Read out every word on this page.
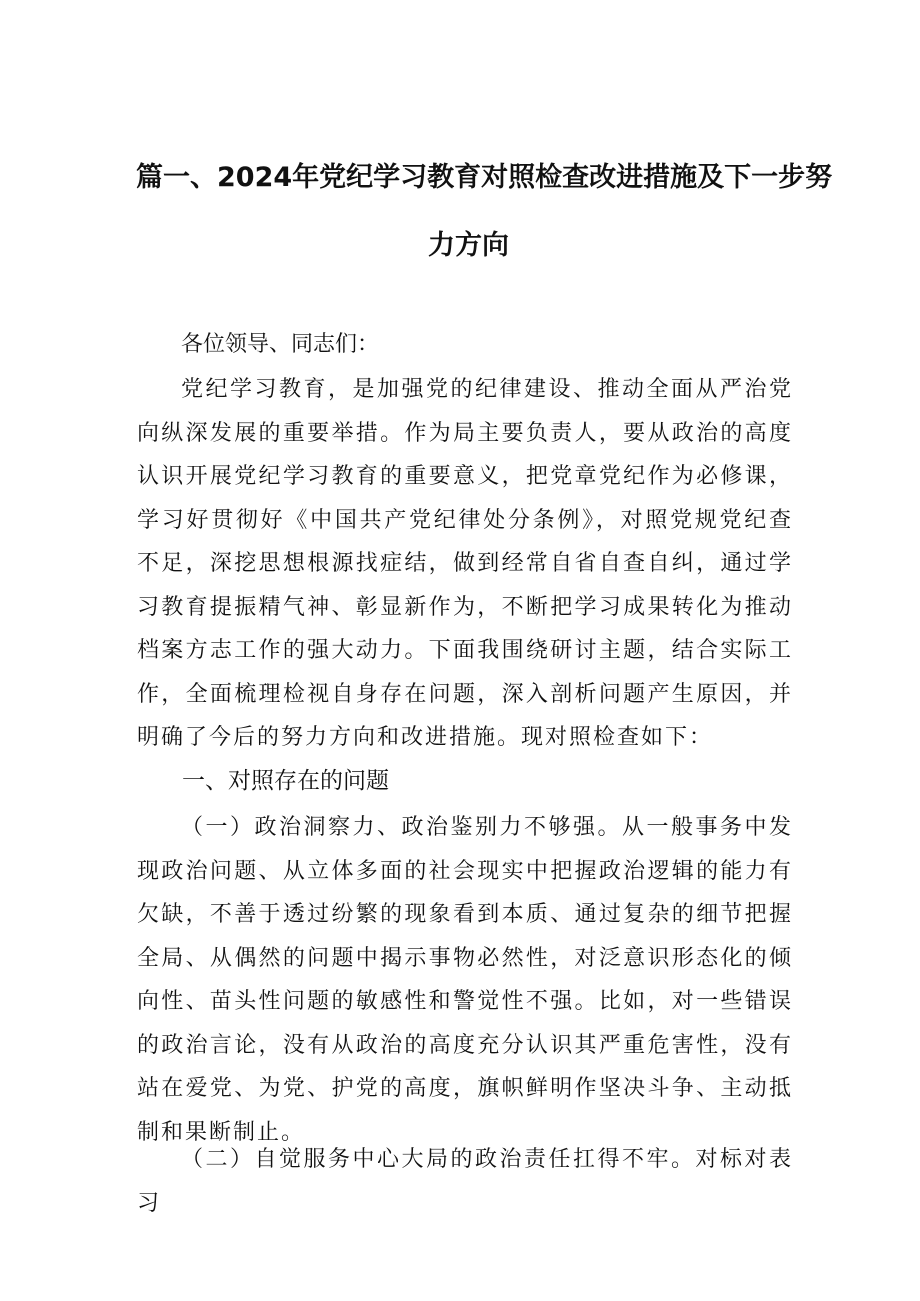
篇一、2024年党纪学习教育对照检查改进措施及下一步努
力方向
各位领导、同志们：

党纪学习教育，是加强党的纪律建设、推动全面从严治党向纵深发展的重要举措。作为局主要负责人，要从政治的高度认识开展党纪学习教育的重要意义，把党章党纪作为必修课，学习好贯彻好《中国共产党纪律处分条例》，对照党规党纪查不足，深挖思想根源找症结，做到经常自省自查自纠，通过学习教育提振精气神、彰显新作为，不断把学习成果转化为推动档案方志工作的强大动力。下面我围绕研讨主题，结合实际工作，全面梳理检视自身存在问题，深入剖析问题产生原因，并明确了今后的努力方向和改进措施。现对照检查如下：

一、对照存在的问题

（一）政治洞察力、政治鉴别力不够强。从一般事务中发现政治问题、从立体多面的社会现实中把握政治逻辑的能力有欠缺，不善于透过纷繁的现象看到本质、通过复杂的细节把握全局、从偶然的问题中揭示事物必然性，对泛意识形态化的倾向性、苗头性问题的敏感性和警觉性不强。比如，对一些错误的政治言论，没有从政治的高度充分认识其严重危害性，没有站在爱党、为党、护党的高度，旗帜鲜明作坚决斗争、主动抵制和果断制止。

（二）自觉服务中心大局的政治责任扛得不牢。对标对表习
